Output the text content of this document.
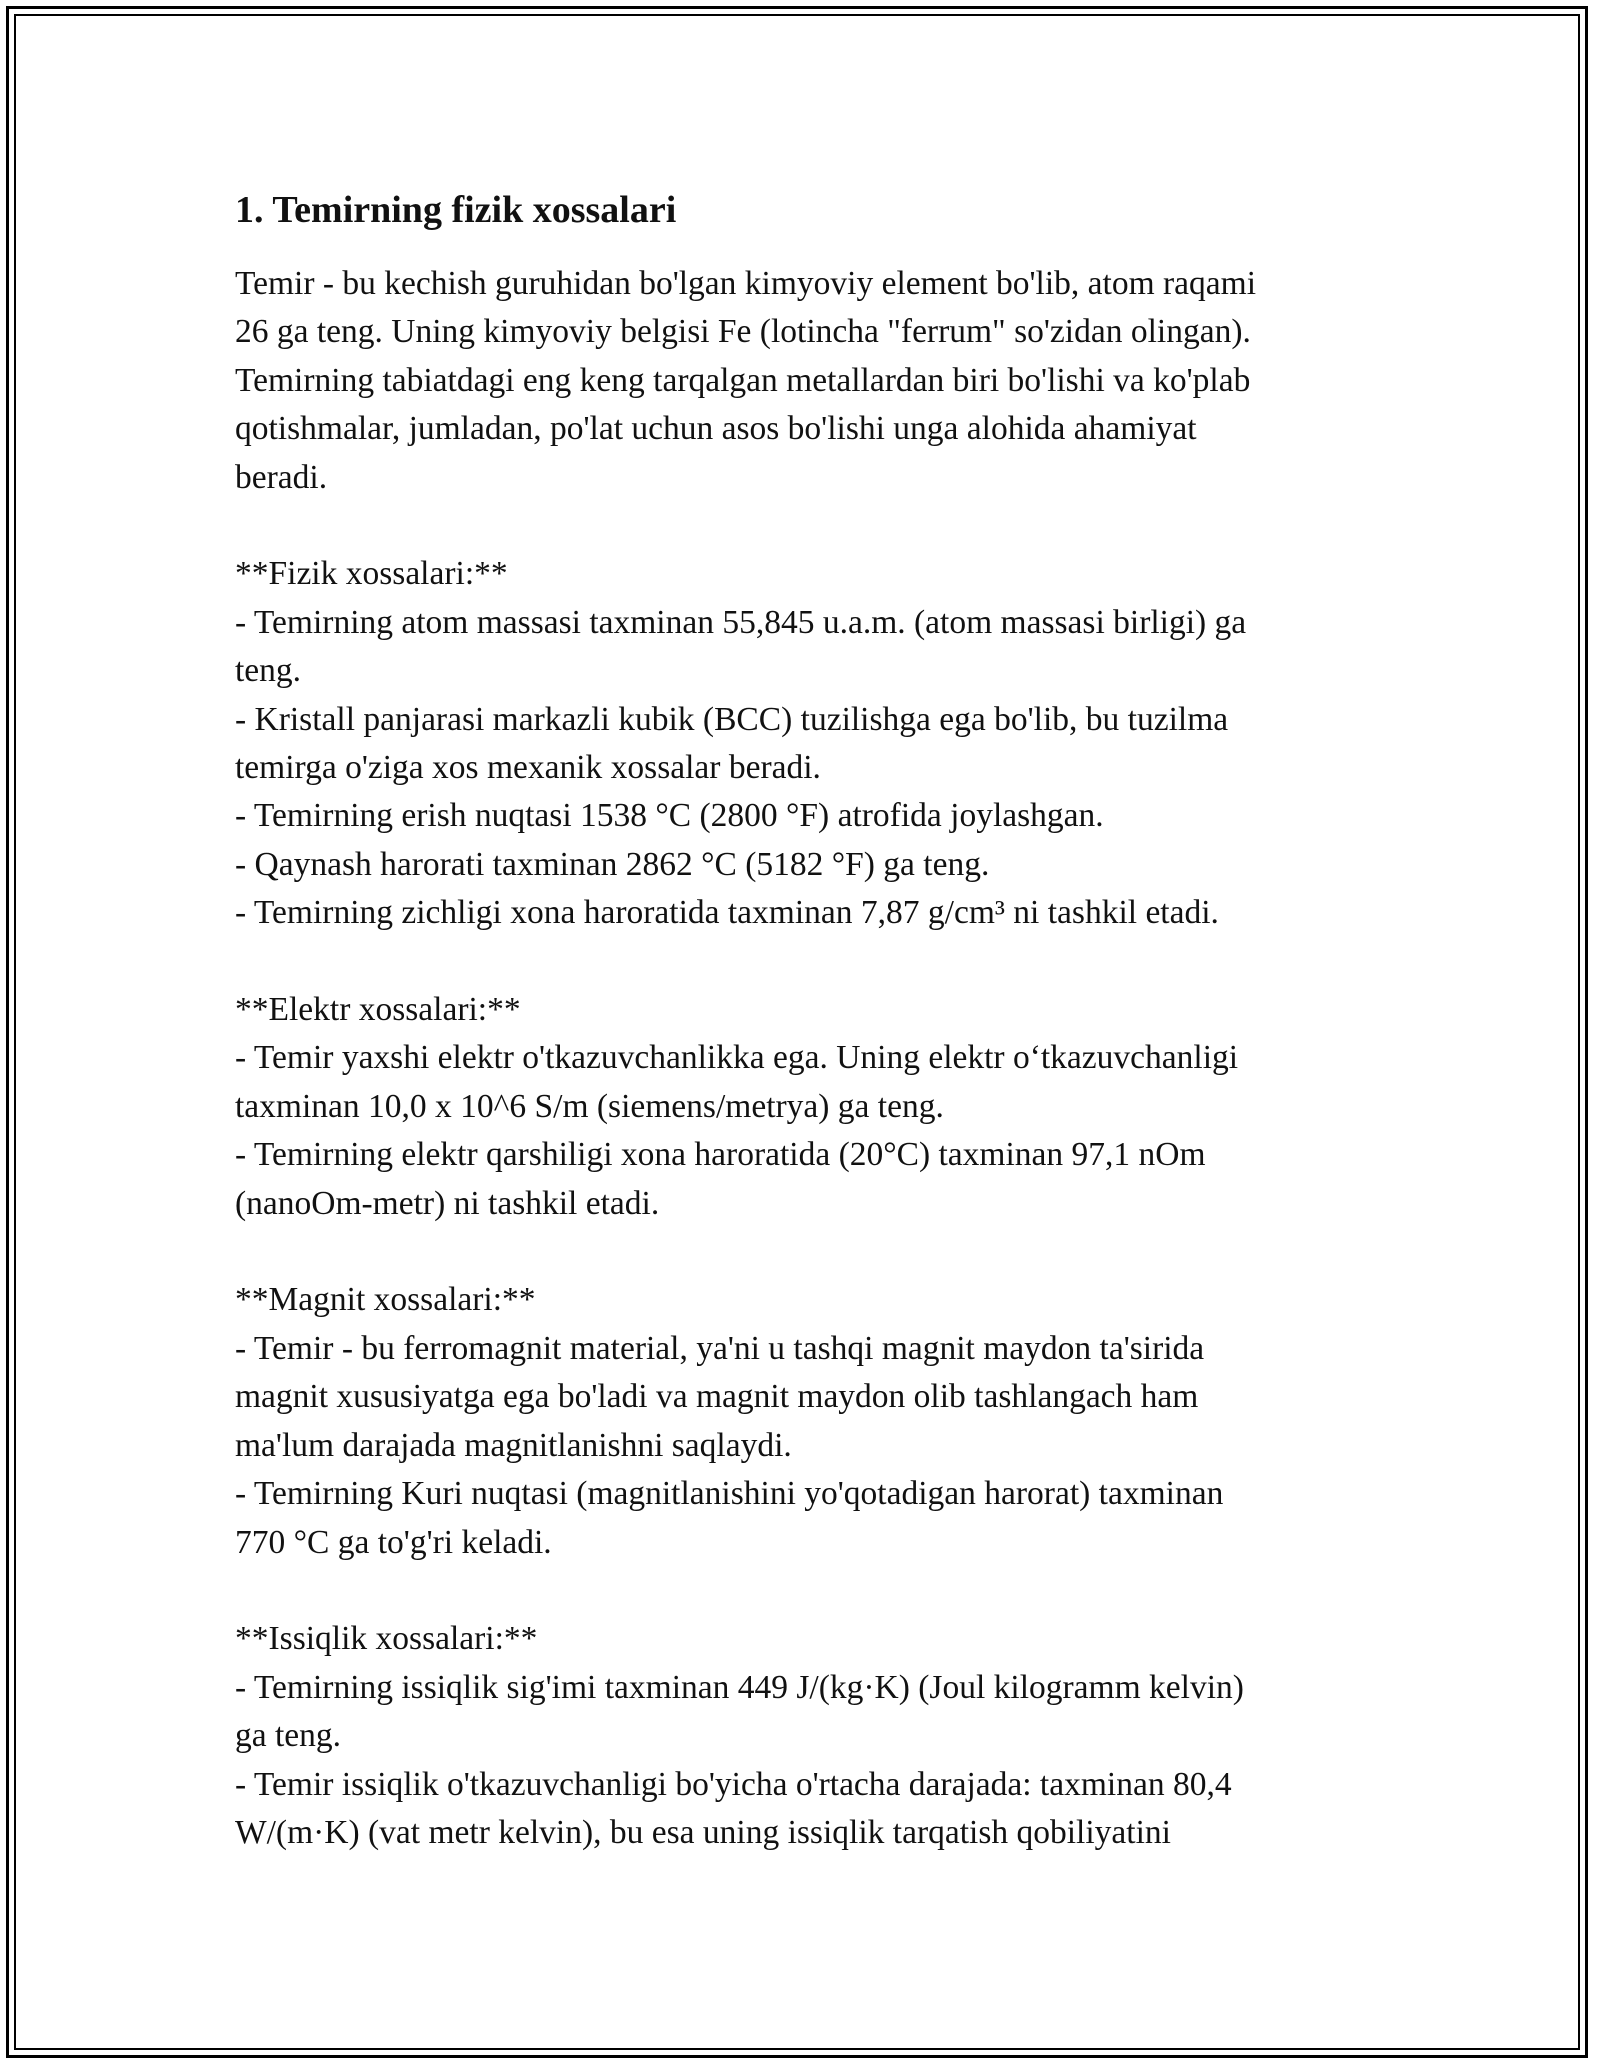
1. Temirning fizik xossalari
Temir - bu kechish guruhidan bo'lgan kimyoviy element bo'lib, atom raqami
26 ga teng. Uning kimyoviy belgisi Fe (lotincha "ferrum" so'zidan olingan).
Temirning tabiatdagi eng keng tarqalgan metallardan biri bo'lishi va ko'plab
qotishmalar, jumladan, po'lat uchun asos bo'lishi unga alohida ahamiyat
beradi.
**Fizik xossalari:**
- Temirning atom massasi taxminan 55,845 u.a.m. (atom massasi birligi) ga
teng.
- Kristall panjarasi markazli kubik (BCC) tuzilishga ega bo'lib, bu tuzilma
temirga o'ziga xos mexanik xossalar beradi.
- Temirning erish nuqtasi 1538 °C (2800 °F) atrofida joylashgan.
- Qaynash harorati taxminan 2862 °C (5182 °F) ga teng.
- Temirning zichligi xona haroratida taxminan 7,87 g/cm³ ni tashkil etadi.
**Elektr xossalari:**
- Temir yaxshi elektr o'tkazuvchanlikka ega. Uning elektr o‘tkazuvchanligi
taxminan 10,0 x 10^6 S/m (siemens/metrya) ga teng.
- Temirning elektr qarshiligi xona haroratida (20°C) taxminan 97,1 nOm
(nanoOm-metr) ni tashkil etadi.
**Magnit xossalari:**
- Temir - bu ferromagnit material, ya'ni u tashqi magnit maydon ta'sirida
magnit xususiyatga ega bo'ladi va magnit maydon olib tashlangach ham
ma'lum darajada magnitlanishni saqlaydi.
- Temirning Kuri nuqtasi (magnitlanishini yo'qotadigan harorat) taxminan
770 °C ga to'g'ri keladi.
**Issiqlik xossalari:**
- Temirning issiqlik sig'imi taxminan 449 J/(kg·K) (Joul kilogramm kelvin)
ga teng.
- Temir issiqlik o'tkazuvchanligi bo'yicha o'rtacha darajada: taxminan 80,4
W/(m·K) (vat metr kelvin), bu esa uning issiqlik tarqatish qobiliyatini
